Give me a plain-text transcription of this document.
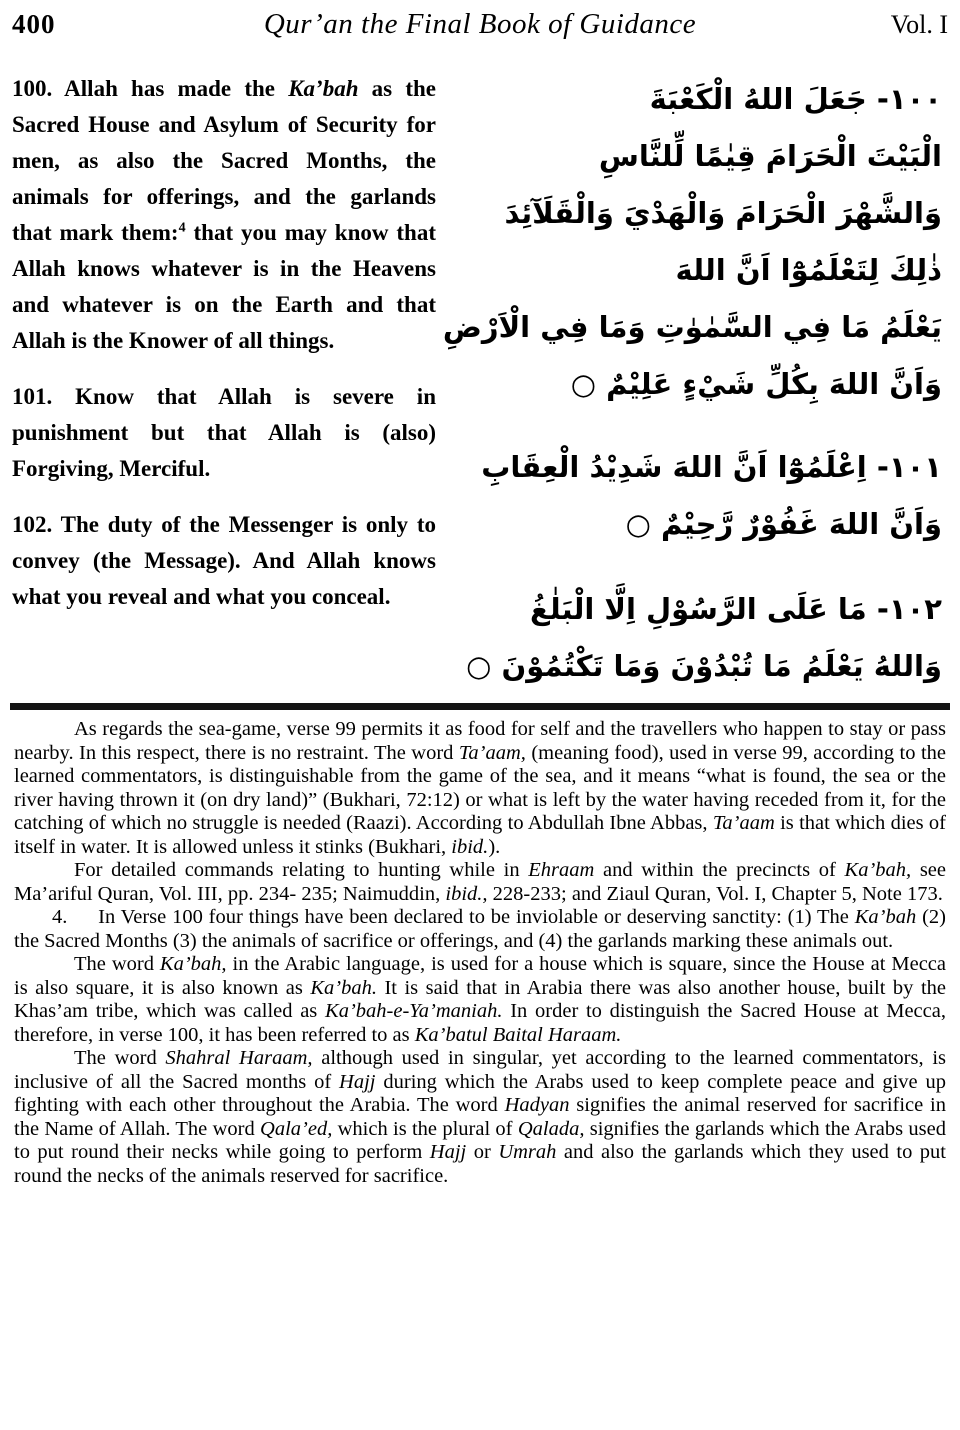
400	Qur’an the Final Book of Guidance	Vol. I

100. Allah has made the Ka’bah as the Sacred House and Asylum of Security for men, as also the Sacred Months, the animals for offerings, and the garlands that mark them:$^4$ that you may know that Allah knows whatever is in the Heavens and whatever is on the Earth and that Allah is the Knower of all things.

101. Know that Allah is severe in punishment but that Allah is (also) Forgiving, Merciful.

102. The duty of the Messenger is only to convey (the Message). And Allah knows what you reveal and what you conceal.

١٠٠- جَعَلَ اللهُ الْكَعْبَةَ
الْبَيْتَ الْحَرَامَ قِيٰمًا لِّلنَّاسِ
وَالشَّهْرَ الْحَرَامَ وَالْهَدْيَ وَالْقَلَآئِدَ
ذٰلِكَ لِتَعْلَمُوْٓا اَنَّ اللهَ
يَعْلَمُ مَا فِي السَّمٰوٰتِ وَمَا فِي الْاَرْضِ
وَاَنَّ اللهَ بِكُلِّ شَيْءٍ عَلِيْمٌ ○
١٠١- اِعْلَمُوْٓا اَنَّ اللهَ شَدِيْدُ الْعِقَابِ
وَاَنَّ اللهَ غَفُوْرٌ رَّحِيْمٌ ○
١٠٢- مَا عَلَى الرَّسُوْلِ اِلَّا الْبَلٰغُ
وَاللهُ يَعْلَمُ مَا تُبْدُوْنَ وَمَا تَكْتُمُوْنَ ○

As regards the sea-game, verse 99 permits it as food for self and the travellers who happen to stay or pass nearby. In this respect, there is no restraint. The word Ta’aam, (meaning food), used in verse 99, according to the learned commentators, is distinguishable from the game of the sea, and it means “what is found, the sea or the river having thrown it (on dry land)” (Bukhari, 72:12) or what is left by the water having receded from it, for the catching of which no struggle is needed (Raazi). According to Abdullah Ibne Abbas, Ta’aam is that which dies of itself in water. It is allowed unless it stinks (Bukhari, ibid.).

For detailed commands relating to hunting while in Ehraam and within the precincts of Ka’bah, see Ma’ariful Quran, Vol. III, pp. 234- 235; Naimuddin, ibid., 228-233; and Ziaul Quran, Vol. I, Chapter 5, Note 173.

4.  In Verse 100 four things have been declared to be inviolable or deserving sanctity: (1) The Ka’bah (2) the Sacred Months (3) the animals of sacrifice or offerings, and (4) the garlands marking these animals out.

The word Ka’bah, in the Arabic language, is used for a house which is square, since the House at Mecca is also square, it is also known as Ka’bah. It is said that in Arabia there was also another house, built by the Khas’am tribe, which was called as Ka’bah-e-Ya’maniah. In order to distinguish the Sacred House at Mecca, therefore, in verse 100, it has been referred to as Ka’batul Baital Haraam.

The word Shahral Haraam, although used in singular, yet according to the learned commentators, is inclusive of all the Sacred months of Hajj during which the Arabs used to keep complete peace and give up fighting with each other throughout the Arabia. The word Hadyan signifies the animal reserved for sacrifice in the Name of Allah. The word Qala’ed, which is the plural of Qalada, signifies the garlands which the Arabs used to put round their necks while going to perform Hajj or Umrah and also the garlands which they used to put round the necks of the animals reserved for sacrifice.
